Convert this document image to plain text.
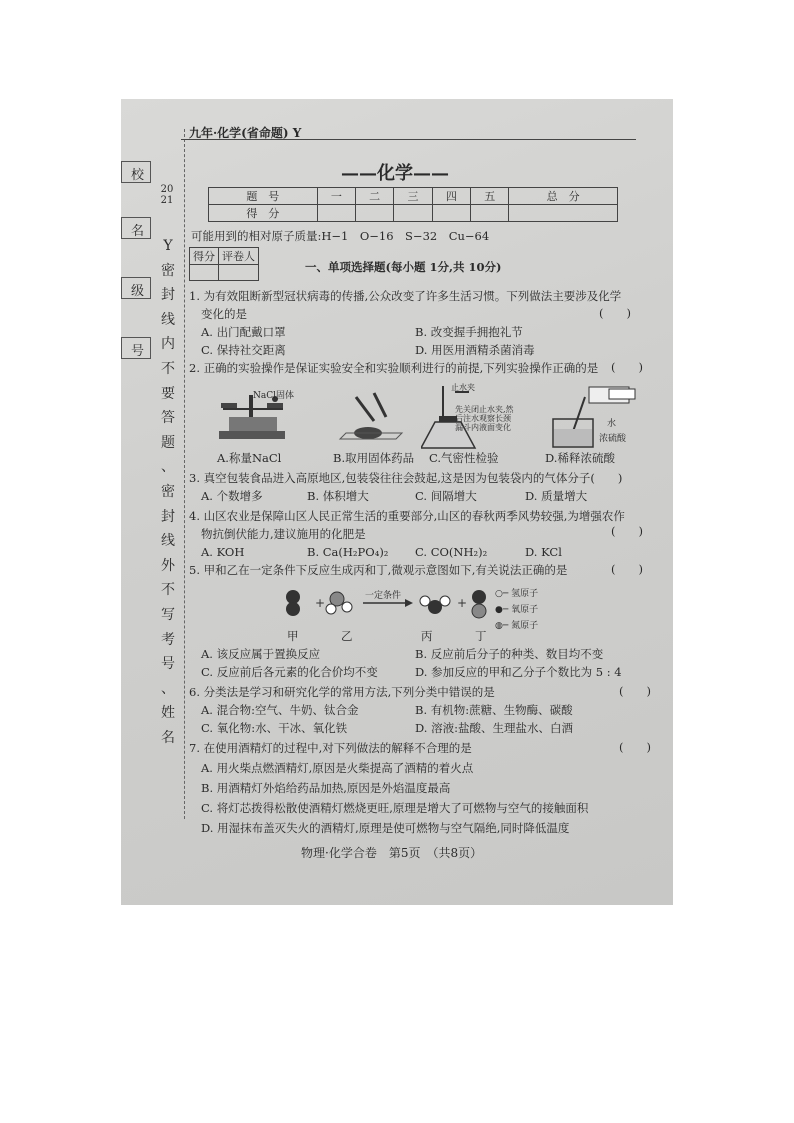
校
名
级
号
2021
Y
密
封
线
内
不
要
答
题
、
密
封
线
外
不
写
考
号
、
姓
名
九年·化学(省命题) Y
——化学——
题　号	一	二	三	四	五	总　分
得　分						
可能用到的相对原子质量:H−1　O−16　S−32　Cu−64
得分	评卷人

一、单项选择题(每小题 1分,共 10分)
1. 为有效阻断新型冠状病毒的传播,公众改变了许多生活习惯。下列做法主要涉及化学
变化的是	(　　)
A. 出门配戴口罩	B. 改变握手拥抱礼节
C. 保持社交距离	D. 用医用酒精杀菌消毒
2. 正确的实验操作是保证实验安全和实验顺利进行的前提,下列实验操作正确的是 (　　)
NaCl固体
止水夹
先关闭止水夹,然
后注水观察长颈
漏斗内液面变化	水
浓硫酸
A.称量NaCl	B.取用固体药品 C.气密性检验	D.稀释浓硫酸
3. 真空包装食品进入高原地区,包装袋往往会鼓起,这是因为包装袋内的气体分子(　　)
A. 个数增多	B. 体积增大	C. 间隔增大	D. 质量增大
4. 山区农业是保障山区人民正常生活的重要部分,山区的春秋两季风势较强,为增强农作
物抗倒伏能力,建议施用的化肥是	(　　)
A. KOH	B. Ca(H₂PO₄)₂ C. CO(NH₂)₂	D. KCl
5. 甲和乙在一定条件下反应生成丙和丁,微观示意图如下,有关说法正确的是	(　　)
+	+
一定条件	○─ 氢原子
●─ 氧原子
◍─ 氮原子
甲	乙	丙	丁
A. 该反应属于置换反应	B. 反应前后分子的种类、数目均不变
C. 反应前后各元素的化合价均不变	D. 参加反应的甲和乙分子个数比为 5 : 4
6. 分类法是学习和研究化学的常用方法,下列分类中错误的是	(　　)
A. 混合物:空气、牛奶、钛合金	B. 有机物:蔗糖、生物酶、碳酸
C. 氧化物:水、干冰、氧化铁	D. 溶液:盐酸、生理盐水、白酒
7. 在使用酒精灯的过程中,对下列做法的解释不合理的是	(　　)
A. 用火柴点燃酒精灯,原因是火柴提高了酒精的着火点
B. 用酒精灯外焰给药品加热,原因是外焰温度最高
C. 将灯芯拨得松散使酒精灯燃烧更旺,原理是增大了可燃物与空气的接触面积
D. 用湿抹布盖灭失火的酒精灯,原理是使可燃物与空气隔绝,同时降低温度
物理·化学合卷　第5页　（共8页）
